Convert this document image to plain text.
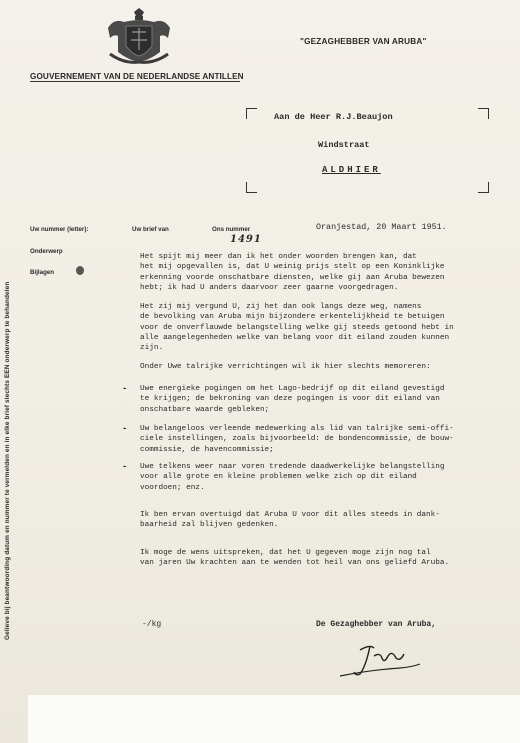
"GEZAGHEBBER VAN ARUBA"
GOUVERNEMENT VAN DE NEDERLANDSE ANTILLEN
Gelieve bij beantwoording datum en nummer te vermelden en in elke brief slechts EEN onderwerp te behandelen
Aan de Heer R.J.Beaujon
Windstraat
ALDHIER
Uw nummer (letter):	Uw brief van	Ons nummer
1491
Oranjestad, 20 Maart 1951.
Onderwerp
Bijlagen
Het spijt mij meer dan ik het onder woorden brengen kan, dat
het mij opgevallen is, dat U weinig prijs stelt op een Koninklijke
erkenning voorde onschatbare diensten, welke gij aan Aruba bewezen
hebt; ik had U anders daarvoor zeer gaarne voorgedragen.
Het zij mij vergund U, zij het dan ook langs deze weg, namens
de bevolking van Aruba mijn bijzondere erkentelijkheid te betuigen
voor de onverflauwde belangstelling welke gij steeds getoond hebt in
alle aangelegenheden welke van belang voor dit eiland zouden kunnen
zijn.
Onder Uwe talrijke verrichtingen wil ik hier slechts memoreren:
- Uwe energieke pogingen om het Lago-bedrijf op dit eiland gevestigd
te krijgen; de bekroning van deze pogingen is voor dit eiland van
onschatbare waarde gebleken;
- Uw belangeloos verleende medewerking als lid van talrijke semi-offi-
ciele instellingen, zoals bijvoorbeeld: de bondencommissie, de bouw-
commissie, de havencommissie;
- Uwe telkens weer naar voren tredende daadwerkelijke belangstelling
voor alle grote en kleine problemen welke zich op dit eiland
voordoen; enz.
Ik ben ervan overtuigd dat Aruba U voor dit alles steeds in dank-
baarheid zal blijven gedenken.
Ik moge de wens uitspreken, dat het U gegeven moge zijn nog tal
van jaren Uw krachten aan te wenden tot heil van ons geliefd Aruba.
-/kg	De Gezaghebber van Aruba,
